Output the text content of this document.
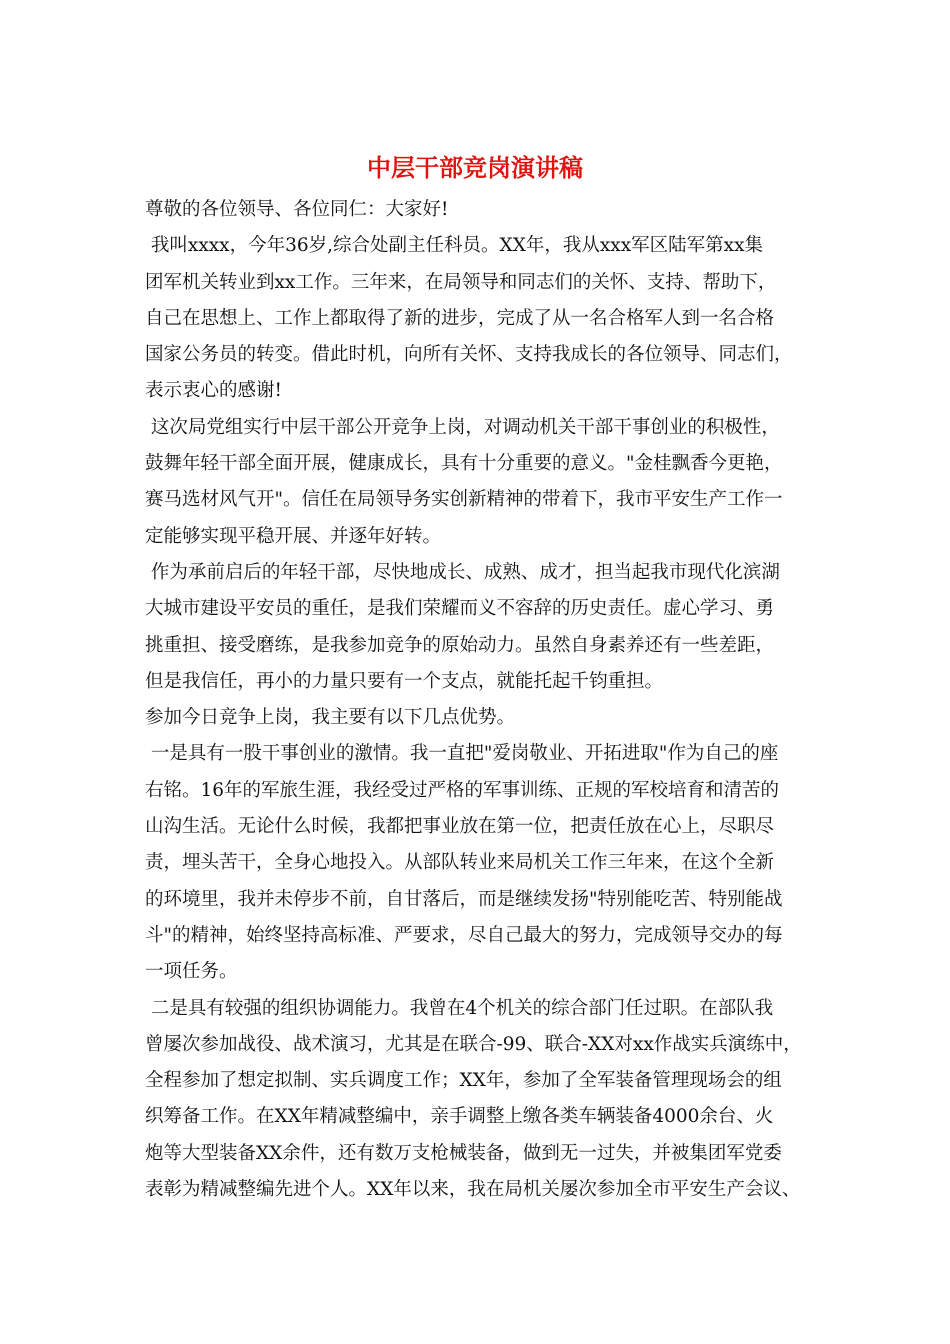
中层干部竞岗演讲稿
尊敬的各位领导、各位同仁：大家好!
我叫xxxx，今年36岁,综合处副主任科员。XX年，我从xxx军区陆军第xx集
团军机关转业到xx工作。三年来，在局领导和同志们的关怀、支持、帮助下，
自己在思想上、工作上都取得了新的进步，完成了从一名合格军人到一名合格
国家公务员的转变。借此时机，向所有关怀、支持我成长的各位领导、同志们，
表示衷心的感谢!
这次局党组实行中层干部公开竞争上岗，对调动机关干部干事创业的积极性，
鼓舞年轻干部全面开展，健康成长，具有十分重要的意义。"金桂飘香今更艳，
赛马选材风气开"。信任在局领导务实创新精神的带着下，我市平安生产工作一
定能够实现平稳开展、并逐年好转。
作为承前启后的年轻干部，尽快地成长、成熟、成才，担当起我市现代化滨湖
大城市建设平安员的重任，是我们荣耀而义不容辞的历史责任。虚心学习、勇
挑重担、接受磨练，是我参加竞争的原始动力。虽然自身素养还有一些差距，
但是我信任，再小的力量只要有一个支点，就能托起千钧重担。
参加今日竞争上岗，我主要有以下几点优势。
一是具有一股干事创业的激情。我一直把"爱岗敬业、开拓进取"作为自己的座
右铭。16年的军旅生涯，我经受过严格的军事训练、正规的军校培育和清苦的
山沟生活。无论什么时候，我都把事业放在第一位，把责任放在心上，尽职尽
责，埋头苦干，全身心地投入。从部队转业来局机关工作三年来，在这个全新
的环境里，我并未停步不前，自甘落后，而是继续发扬"特别能吃苦、特别能战
斗"的精神，始终坚持高标准、严要求，尽自己最大的努力，完成领导交办的每
一项任务。
二是具有较强的组织协调能力。我曾在4个机关的综合部门任过职。在部队我
曾屡次参加战役、战术演习，尤其是在联合-99、联合-XX对xx作战实兵演练中，
全程参加了想定拟制、实兵调度工作；XX年，参加了全军装备管理现场会的组
织筹备工作。在XX年精减整编中，亲手调整上缴各类车辆装备4000余台、火
炮等大型装备XX余件，还有数万支枪械装备，做到无一过失，并被集团军党委
表彰为精减整编先进个人。XX年以来，我在局机关屡次参加全市平安生产会议、
